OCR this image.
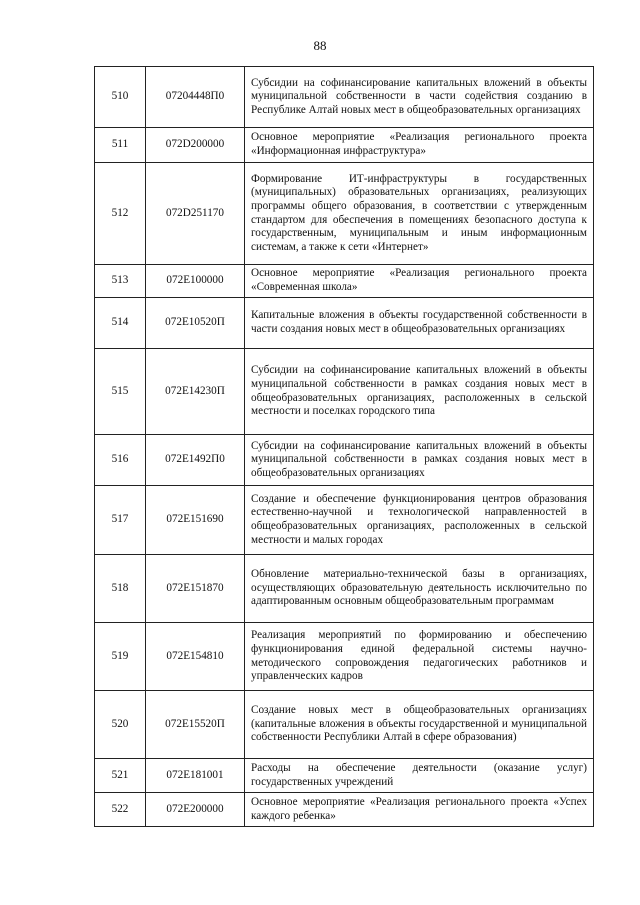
88
510	07204448П0	Субсидии на софинансирование капитальных вложений в объекты муниципальной собственности в части содействия созданию в Республике Алтай новых мест в общеобразовательных организациях
511	072D200000	Основное мероприятие «Реализация регионального проекта «Информационная инфраструктура»
512	072D251170	Формирование ИТ-инфраструктуры в государственных (муниципальных) образовательных организациях, реализующих программы общего образования, в соответствии с утвержденным стандартом для обеспечения в помещениях безопасного доступа к государственным, муниципальным и иным информационным системам, а также к сети «Интернет»
513	072E100000	Основное мероприятие «Реализация регионального проекта «Современная школа»
514	072E10520П	Капитальные вложения в объекты государственной собственности в части создания новых мест в общеобразовательных организациях
515	072E14230П	Субсидии на софинансирование капитальных вложений в объекты муниципальной собственности в рамках создания новых мест в общеобразовательных организациях, расположенных в сельской местности и поселках городского типа
516	072E1492П0	Субсидии на софинансирование капитальных вложений в объекты муниципальной собственности в рамках создания новых мест в общеобразовательных организациях
517	072E151690	Создание и обеспечение функционирования центров образования естественно-научной и технологической направленностей в общеобразовательных организациях, расположенных в сельской местности и малых городах
518	072E151870	Обновление материально-технической базы в организациях, осуществляющих образовательную деятельность исключительно по адаптированным основным общеобразовательным программам
519	072E154810	Реализация мероприятий по формированию и обеспечению функционирования единой федеральной системы научно-методического сопровождения педагогических работников и управленческих кадров
520	072E15520П	Создание новых мест в общеобразовательных организациях (капитальные вложения в объекты государственной и муниципальной собственности Республики Алтай в сфере образования)
521	072E181001	Расходы на обеспечение деятельности (оказание услуг) государственных учреждений
522	072E200000	Основное мероприятие «Реализация регионального проекта «Успех каждого ребенка»
